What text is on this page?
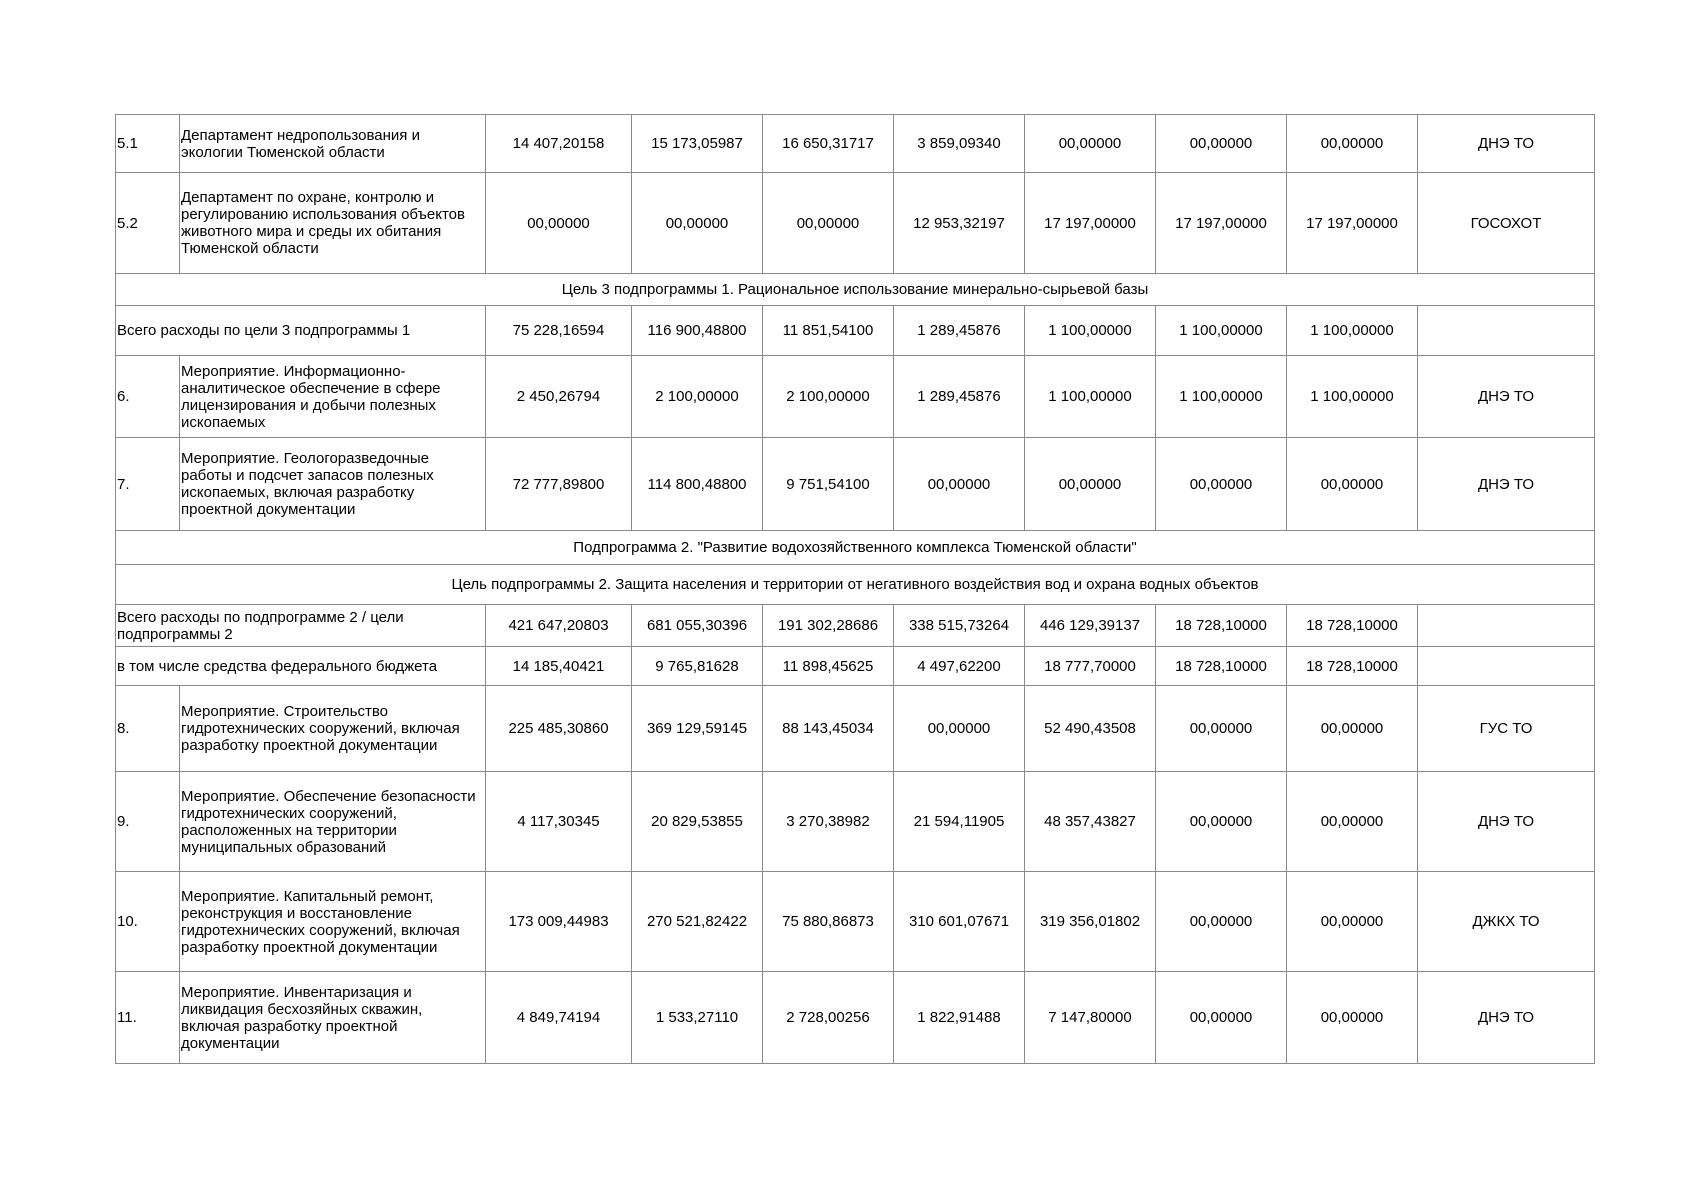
5.1	Департамент недропользования и экологии Тюменской области	14 407,20158	15 173,05987	16 650,31717	3 859,09340	00,00000	00,00000	00,00000	ДНЭ ТО
5.2	Департамент по охране, контролю и регулированию использования объектов животного мира и среды их обитания Тюменской области	00,00000	00,00000	00,00000	12 953,32197	17 197,00000	17 197,00000	17 197,00000	ГОСОХОТ
Цель 3 подпрограммы 1. Рациональное использование минерально-сырьевой базы									
Всего расходы по цели 3 подпрограммы 1		75 228,16594	116 900,48800	11 851,54100	1 289,45876	1 100,00000	1 100,00000	1 100,00000	
6.	Мероприятие. Информационно-аналитическое обеспечение в сфере лицензирования и добычи полезных ископаемых	2 450,26794	2 100,00000	2 100,00000	1 289,45876	1 100,00000	1 100,00000	1 100,00000	ДНЭ ТО
7.	Мероприятие. Геологоразведочные работы и подсчет запасов полезных ископаемых, включая разработку проектной документации	72 777,89800	114 800,48800	9 751,54100	00,00000	00,00000	00,00000	00,00000	ДНЭ ТО
Подпрограмма 2. "Развитие водохозяйственного комплекса Тюменской области"									
Цель подпрограммы 2. Защита населения и территории от негативного воздействия вод и охрана водных объектов									
Всего расходы по подпрограмме 2 / цели подпрограммы 2		421 647,20803	681 055,30396	191 302,28686	338 515,73264	446 129,39137	18 728,10000	18 728,10000	
в том числе средства федерального бюджета		14 185,40421	9 765,81628	11 898,45625	4 497,62200	18 777,70000	18 728,10000	18 728,10000	
8.	Мероприятие. Строительство гидротехнических сооружений, включая разработку проектной документации	225 485,30860	369 129,59145	88 143,45034	00,00000	52 490,43508	00,00000	00,00000	ГУС ТО
9.	Мероприятие. Обеспечение безопасности гидротехнических сооружений, расположенных на территории муниципальных образований	4 117,30345	20 829,53855	3 270,38982	21 594,11905	48 357,43827	00,00000	00,00000	ДНЭ ТО
10.	Мероприятие. Капитальный ремонт, реконструкция и восстановление гидротехнических сооружений, включая разработку проектной документации	173 009,44983	270 521,82422	75 880,86873	310 601,07671	319 356,01802	00,00000	00,00000	ДЖКХ ТО
11.	Мероприятие. Инвентаризация и ликвидация бесхозяйных скважин, включая разработку проектной документации	4 849,74194	1 533,27110	2 728,00256	1 822,91488	7 147,80000	00,00000	00,00000	ДНЭ ТО
